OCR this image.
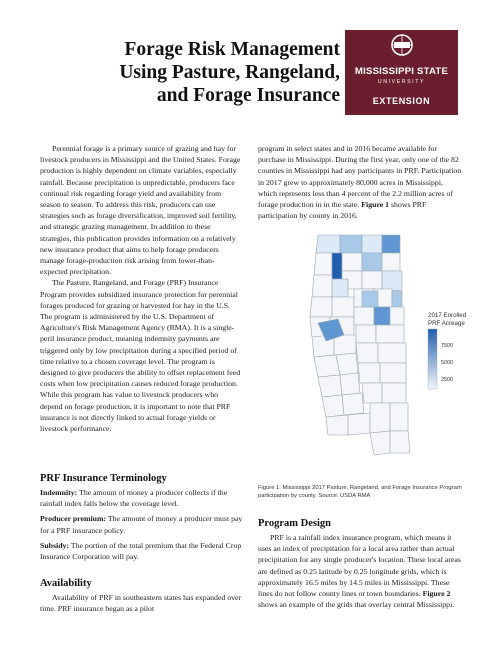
Forage Risk Management
Using Pasture, Rangeland,
and Forage Insurance
MISSISSIPPI STATE
UNIVERSITY
EXTENSION

Perennial forage is a primary source of grazing and hay for livestock producers in Mississippi and the United States. Forage production is highly dependent on climate variables, especially rainfall. Because precipitation is unpredictable, producers face continual risk regarding forage yield and availability from season to season. To address this risk, producers can use strategies such as forage diversification, improved soil fertility, and strategic grazing management. In addition to these strategies, this publication provides information on a relatively new insurance product that aims to help forage producers manage forage-production risk arising from lower-than-expected precipitation.

The Pasture, Rangeland, and Forage (PRF) Insurance Program provides subsidized insurance protection for perennial forages produced for grazing or harvested for hay in the U.S. The program is administered by the U.S. Department of Agriculture's Risk Management Agency (RMA). It is a single-peril insurance product, meaning indemnity payments are triggered only by low precipitation during a specified period of time relative to a chosen coverage level. The program is designed to give producers the ability to offset replacement feed costs when low precipitation causes reduced forage production. While this program has value to livestock producers who depend on forage production, it is important to note that PRF insurance is not directly linked to actual forage yields or livestock performance.

PRF Insurance Terminology

Indemnity: The amount of money a producer collects if the rainfall index falls below the coverage level.

Producer premium: The amount of money a producer must pay for a PRF insurance policy.

Subsidy: The portion of the total premium that the Federal Crop Insurance Corporation will pay.

Availability

Availability of PRF in southeastern states has expanded over time. PRF insurance began as a pilot

program in select states and in 2016 became available for purchase in Mississippi. During the first year, only one of the 82 counties in Mississippi had any participants in PRF. Participation in 2017 grew to approximately 80,000 acres in Mississippi, which represents less than 4 percent of the 2.2 million acres of forage production in in the state. Figure 1 shows PRF participation by county in 2016.

2017 Enrolled
PRF Acreage
7500
5000
2500
Figure 1. Mississippi 2017 Pasture, Rangeland, and Forage Insurance Program participation by county. Source: USDA RMA
Program Design

PRF is a rainfall index insurance program, which means it uses an index of precipitation for a local area rather than actual precipitation for any single producer's location. These local areas are defined as 0.25 latitude by 0.25 longitude grids, which is approximately 16.5 miles by 14.5 miles in Mississippi. These lines do not follow county lines or town boundaries. Figure 2 shows an example of the grids that overlay central Mississippi.
